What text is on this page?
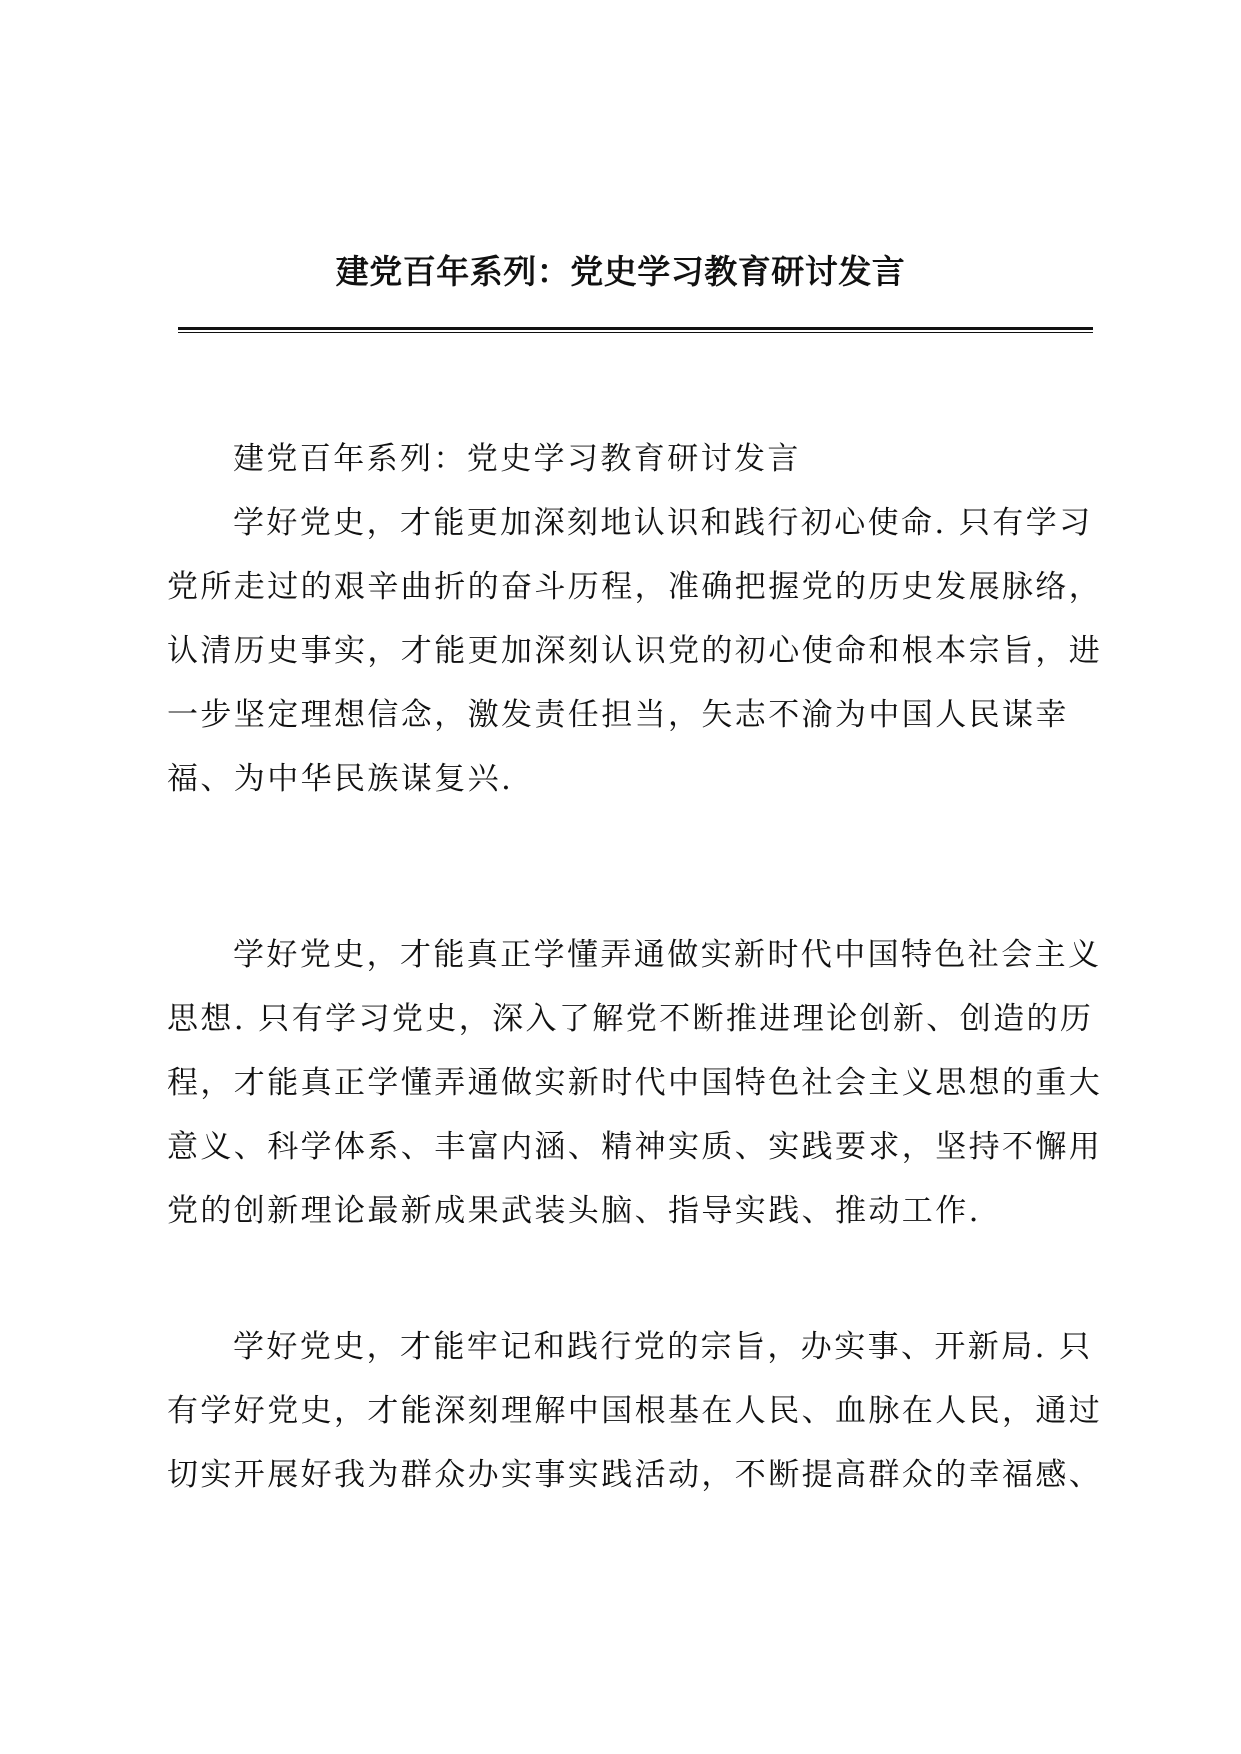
建党百年系列：党史学习教育研讨发言
建党百年系列：党史学习教育研讨发言
学好党史，才能更加深刻地认识和践行初心使命. 只有学习
党所走过的艰辛曲折的奋斗历程，准确把握党的历史发展脉络，
认清历史事实，才能更加深刻认识党的初心使命和根本宗旨，进
一步坚定理想信念，激发责任担当，矢志不渝为中国人民谋幸
福、为中华民族谋复兴.
学好党史，才能真正学懂弄通做实新时代中国特色社会主义
思想. 只有学习党史，深入了解党不断推进理论创新、创造的历
程，才能真正学懂弄通做实新时代中国特色社会主义思想的重大
意义、科学体系、丰富内涵、精神实质、实践要求，坚持不懈用
党的创新理论最新成果武装头脑、指导实践、推动工作.
学好党史，才能牢记和践行党的宗旨，办实事、开新局. 只
有学好党史，才能深刻理解中国根基在人民、血脉在人民，通过
切实开展好我为群众办实事实践活动，不断提高群众的幸福感、
